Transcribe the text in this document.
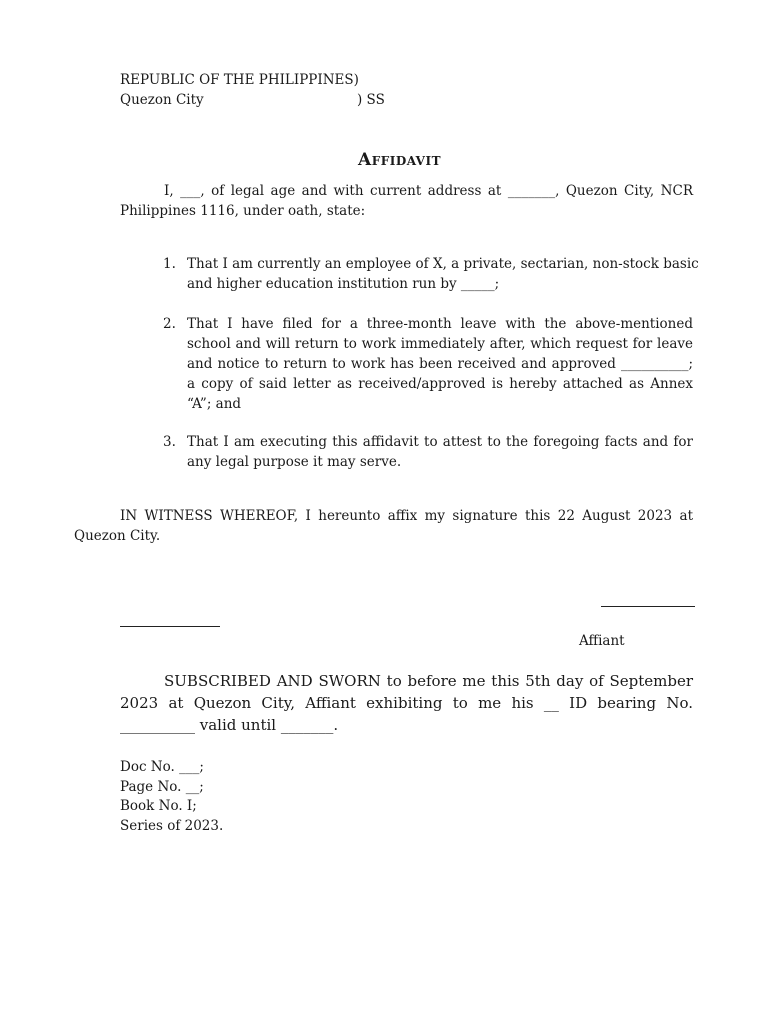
REPUBLIC OF THE PHILIPPINES)
Quezon City	) SS
Affidavit
I, ___, of legal age and with current address at _______, Quezon City, NCR
Philippines 1116, under oath, state:
1. That I am currently an employee of X, a private, sectarian, non-stock basic
and higher education institution run by _____;
2. That I have filed for a three-month leave with the above-mentioned
school and will return to work immediately after, which request for leave
and notice to return to work has been received and approved __________;
a copy of said letter as received/approved is hereby attached as Annex
“A”; and
3. That I am executing this affidavit to attest to the foregoing facts and for
any legal purpose it may serve.
IN WITNESS WHEREOF, I hereunto affix my signature this 22 August 2023 at
Quezon City.
Affiant
SUBSCRIBED AND SWORN to before me this 5th day of September
2023 at Quezon City, Affiant exhibiting to me his __ ID bearing No.
__________ valid until _______.
Doc No. ___;
Page No. __;
Book No. I;
Series of 2023.
